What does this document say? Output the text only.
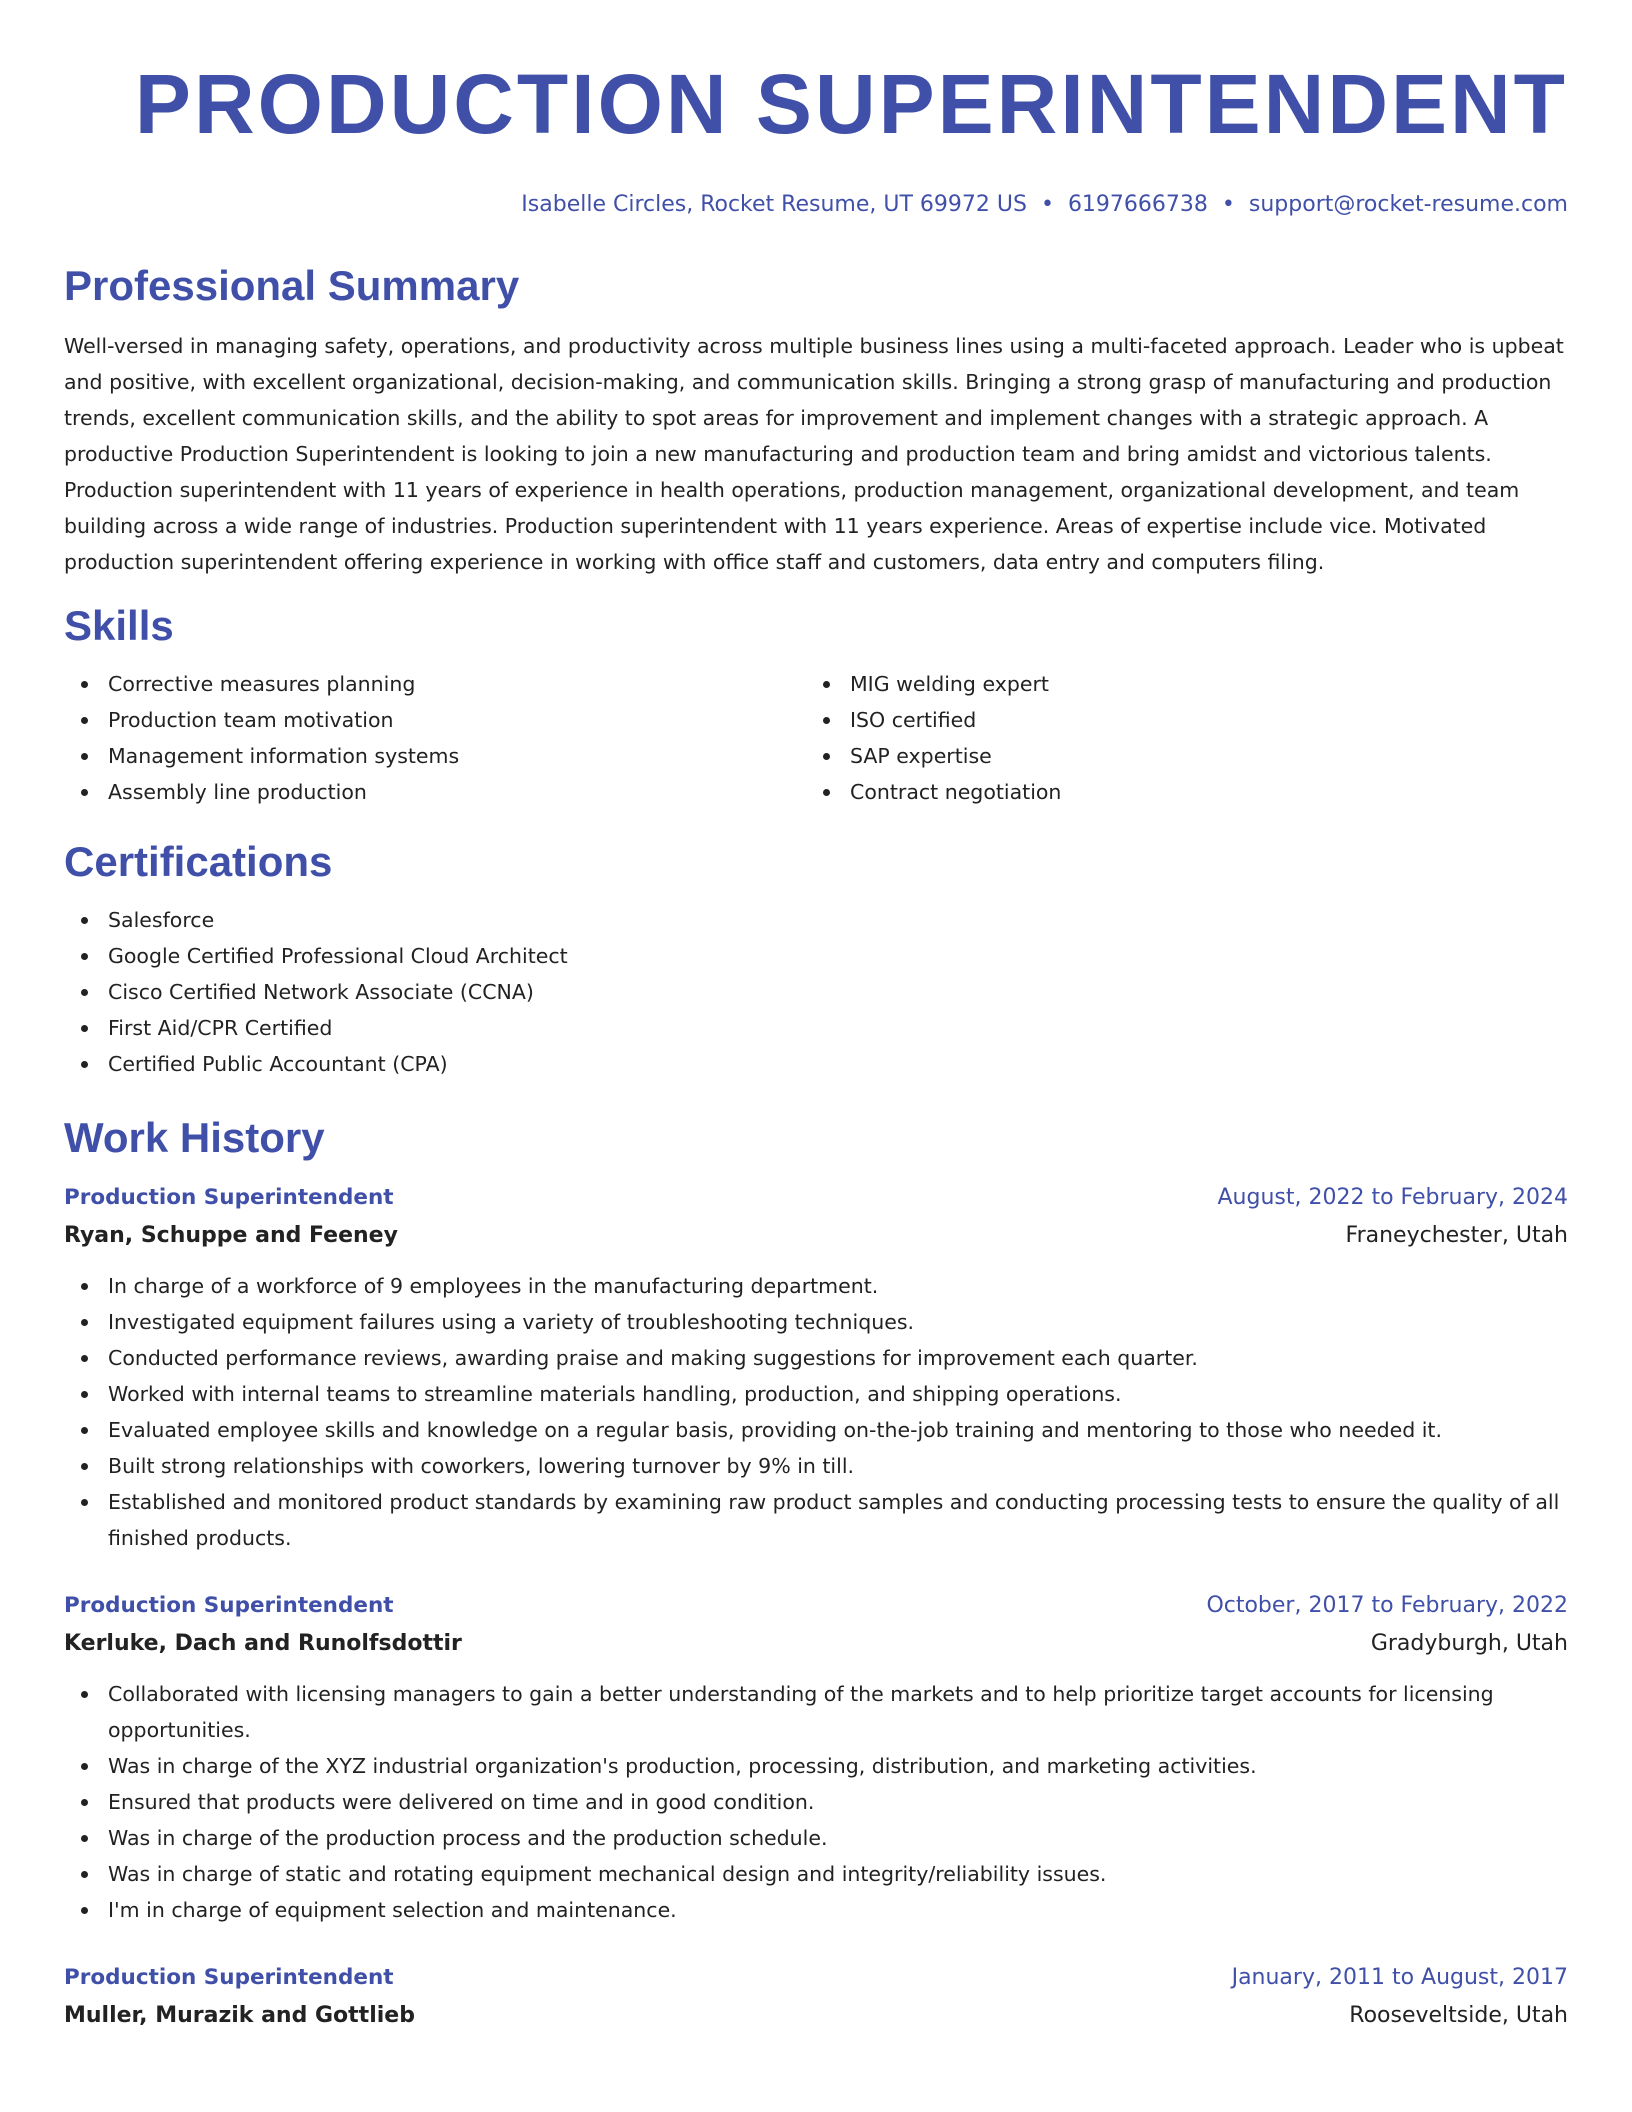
PRODUCTION SUPERINTENDENT
Isabelle Circles, Rocket Resume, UT 69972 US • 6197666738 • support@rocket-resume.com
Professional Summary

Well-versed in managing safety, operations, and productivity across multiple business lines using a multi-faceted approach. Leader who is upbeat and positive, with excellent organizational, decision-making, and communication skills. Bringing a strong grasp of manufacturing and production trends, excellent communication skills, and the ability to spot areas for improvement and implement changes with a strategic approach. A productive Production Superintendent is looking to join a new manufacturing and production team and bring amidst and victorious talents. Production superintendent with 11 years of experience in health operations, production management, organizational development, and team building across a wide range of industries. Production superintendent with 11 years experience. Areas of expertise include vice. Motivated production superintendent offering experience in working with office staff and customers, data entry and computers filing.

Skills
Corrective measures planning
Production team motivation
Management information systems
Assembly line production
MIG welding expert
ISO certified
SAP expertise
Contract negotiation
Certifications
Salesforce
Google Certified Professional Cloud Architect
Cisco Certified Network Associate (CCNA)
First Aid/CPR Certified
Certified Public Accountant (CPA)
Work History
Production Superintendent	August, 2022 to February, 2024
Ryan, Schuppe and Feeney	Franeychester, Utah
In charge of a workforce of 9 employees in the manufacturing department.
Investigated equipment failures using a variety of troubleshooting techniques.
Conducted performance reviews, awarding praise and making suggestions for improvement each quarter.
Worked with internal teams to streamline materials handling, production, and shipping operations.
Evaluated employee skills and knowledge on a regular basis, providing on-the-job training and mentoring to those who needed it.
Built strong relationships with coworkers, lowering turnover by 9% in till.
Established and monitored product standards by examining raw product samples and conducting processing tests to ensure the quality of all finished products.
Production Superintendent	October, 2017 to February, 2022
Kerluke, Dach and Runolfsdottir	Gradyburgh, Utah
Collaborated with licensing managers to gain a better understanding of the markets and to help prioritize target accounts for licensing opportunities.
Was in charge of the XYZ industrial organization's production, processing, distribution, and marketing activities.
Ensured that products were delivered on time and in good condition.
Was in charge of the production process and the production schedule.
Was in charge of static and rotating equipment mechanical design and integrity/reliability issues.
I'm in charge of equipment selection and maintenance.
Production Superintendent	January, 2011 to August, 2017
Muller, Murazik and Gottlieb	Rooseveltside, Utah
